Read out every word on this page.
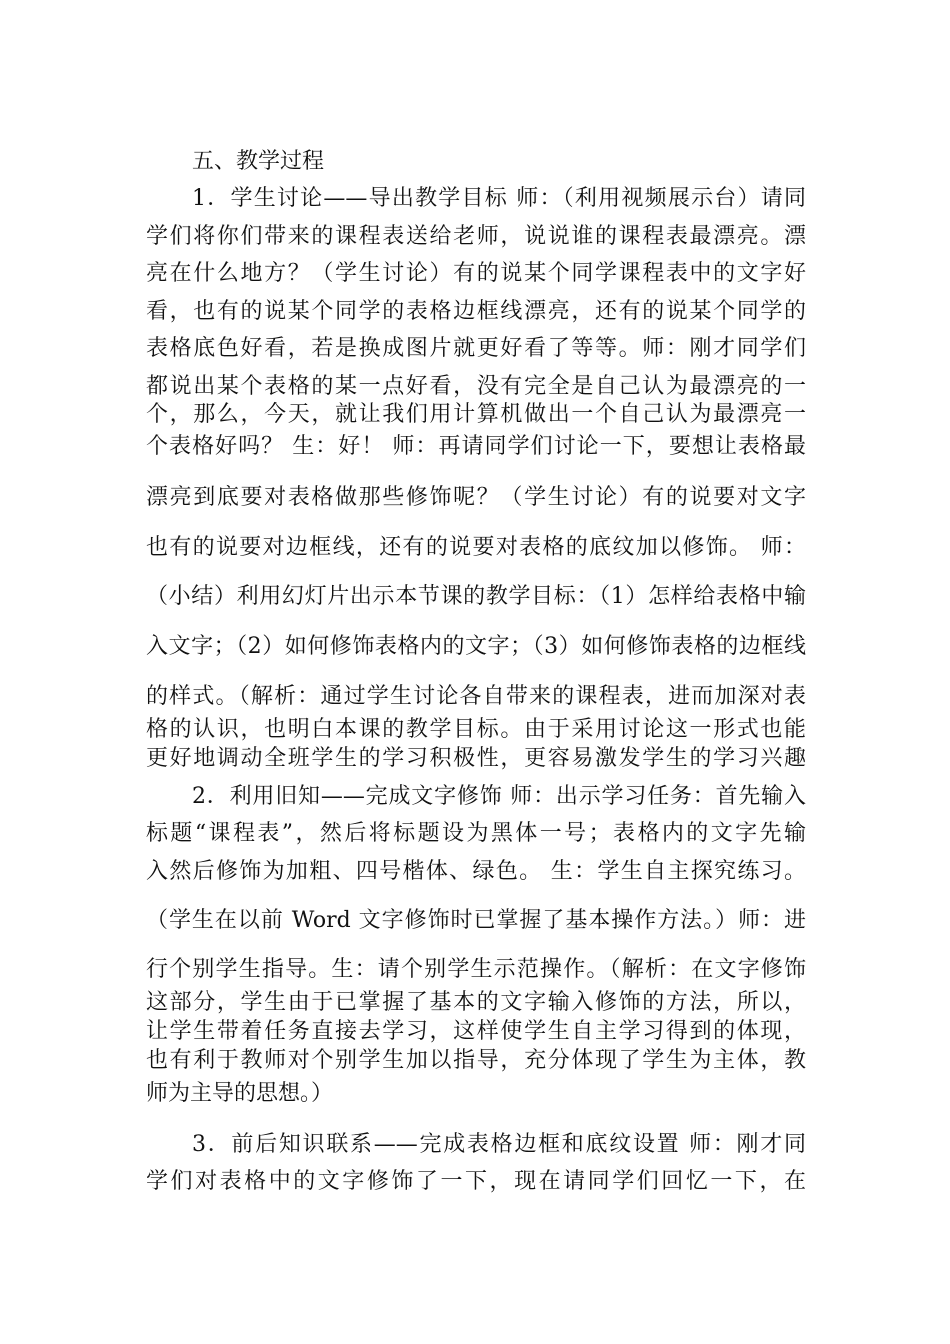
五、教学过程
1．学生讨论——导出教学目标 师：（利用视频展示台）请同
学们将你们带来的课程表送给老师，说说谁的课程表最漂亮。漂
亮在什么地方？（学生讨论）有的说某个同学课程表中的文字好
看，也有的说某个同学的表格边框线漂亮，还有的说某个同学的
表格底色好看，若是换成图片就更好看了等等。师：刚才同学们
都说出某个表格的某一点好看，没有完全是自己认为最漂亮的一
个，那么，今天，就让我们用计算机做出一个自己认为最漂亮一
个表格好吗？ 生：好！ 师：再请同学们讨论一下，要想让表格最
漂亮到底要对表格做那些修饰呢？（学生讨论）有的说要对文字
也有的说要对边框线，还有的说要对表格的底纹加以修饰。 师：
（小结）利用幻灯片出示本节课的教学目标：（1）怎样给表格中输
入文字；（2）如何修饰表格内的文字；（3）如何修饰表格的边框线
的样式。（解析：通过学生讨论各自带来的课程表，进而加深对表
格的认识，也明白本课的教学目标。由于采用讨论这一形式也能
更好地调动全班学生的学习积极性，更容易激发学生的学习兴趣
2．利用旧知——完成文字修饰 师：出示学习任务：首先输入
标题“课程表”，然后将标题设为黑体一号；表格内的文字先输
入然后修饰为加粗、四号楷体、绿色。 生：学生自主探究练习。
（学生在以前 Word 文字修饰时已掌握了基本操作方法。）师：进
行个别学生指导。生：请个别学生示范操作。（解析：在文字修饰
这部分，学生由于已掌握了基本的文字输入修饰的方法，所以，
让学生带着任务直接去学习，这样使学生自主学习得到的体现，
也有利于教师对个别学生加以指导，充分体现了学生为主体，教
师为主导的思想。）
3．前后知识联系——完成表格边框和底纹设置 师：刚才同
学们对表格中的文字修饰了一下，现在请同学们回忆一下，在
